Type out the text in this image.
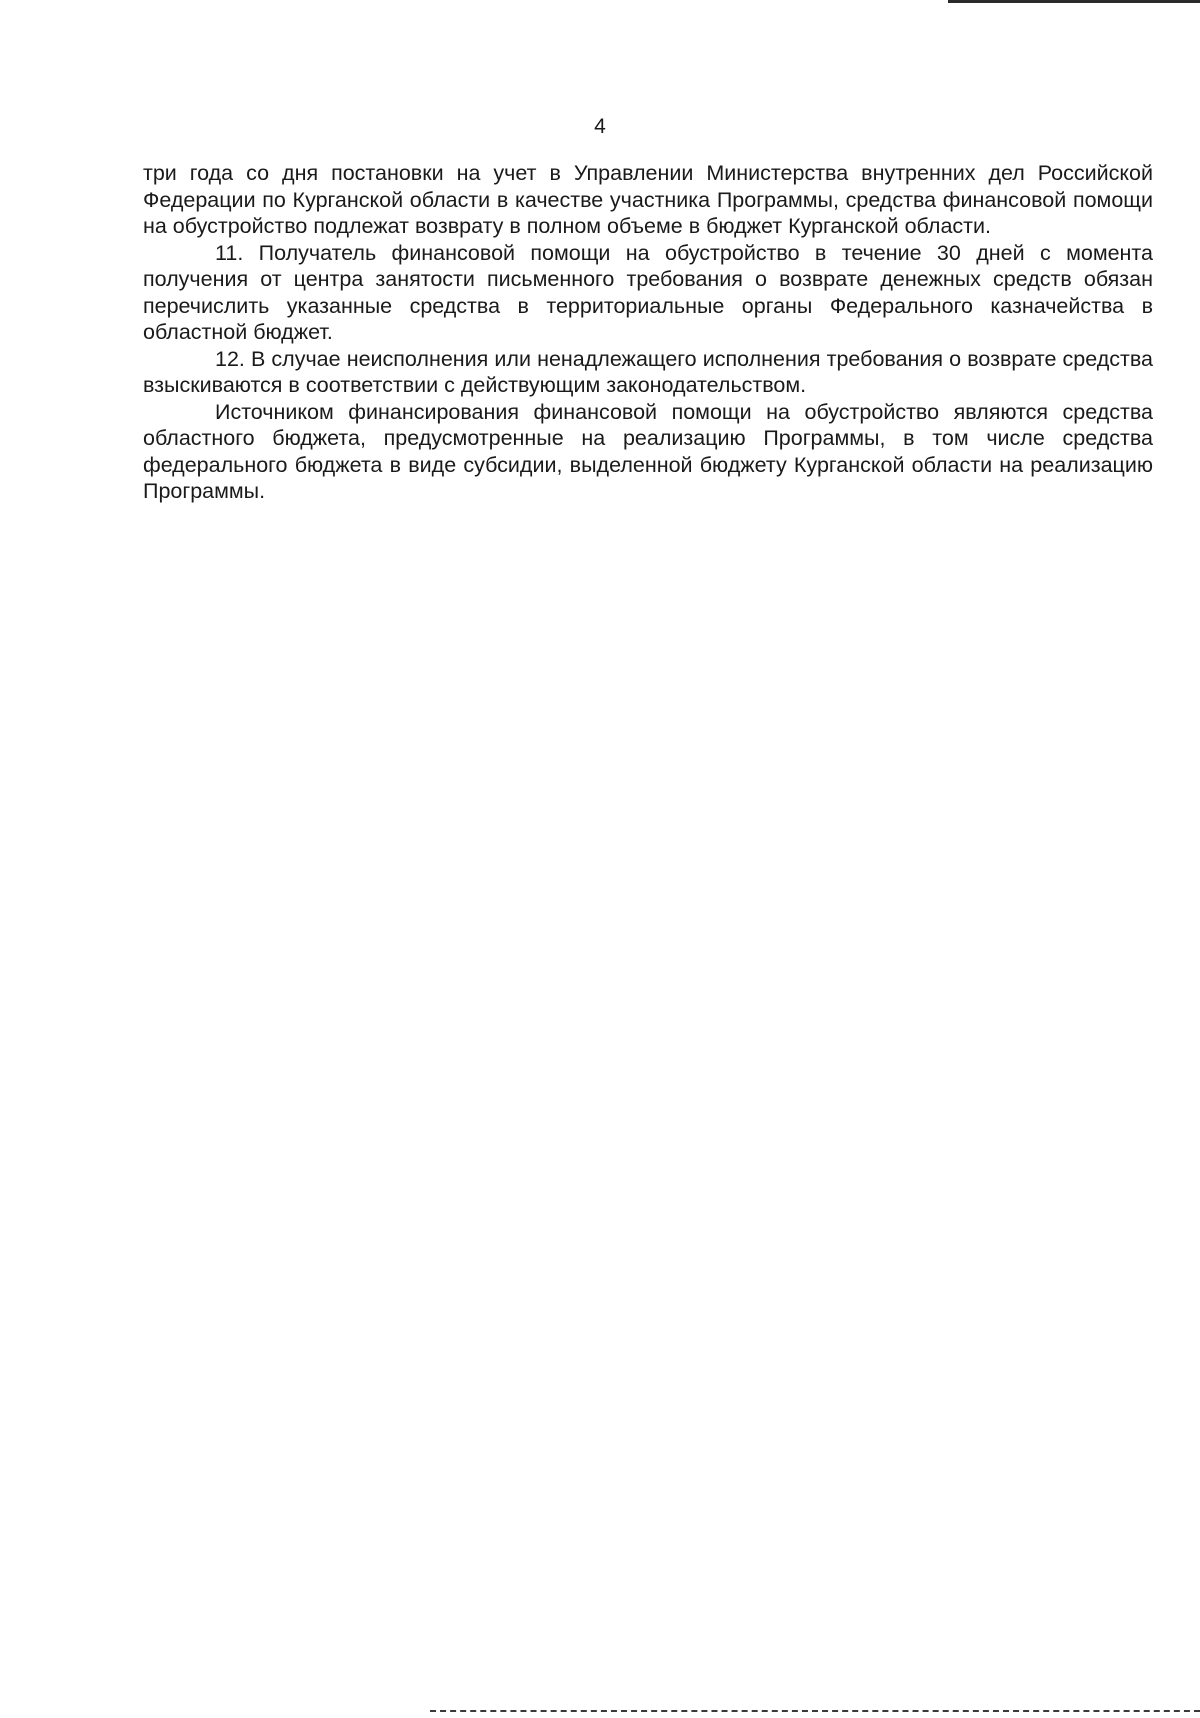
4

три года со дня постановки на учет в Управлении Министерства внутренних дел Российской Федерации по Курганской области в качестве участника Программы, средства финансовой помощи на обустройство подлежат возврату в полном объеме в бюджет Курганской области.

11. Получатель финансовой помощи на обустройство в течение 30 дней с момента получения от центра занятости письменного требования о возврате денежных средств обязан перечислить указанные средства в территориальные органы Федерального казначейства в областной бюджет.

12. В случае неисполнения или ненадлежащего исполнения требования о возврате средства взыскиваются в соответствии с действующим законодательством.

Источником финансирования финансовой помощи на обустройство являются средства областного бюджета, предусмотренные на реализацию Программы, в том числе средства федерального бюджета в виде субсидии, выделенной бюджету Курганской области на реализацию Программы.
